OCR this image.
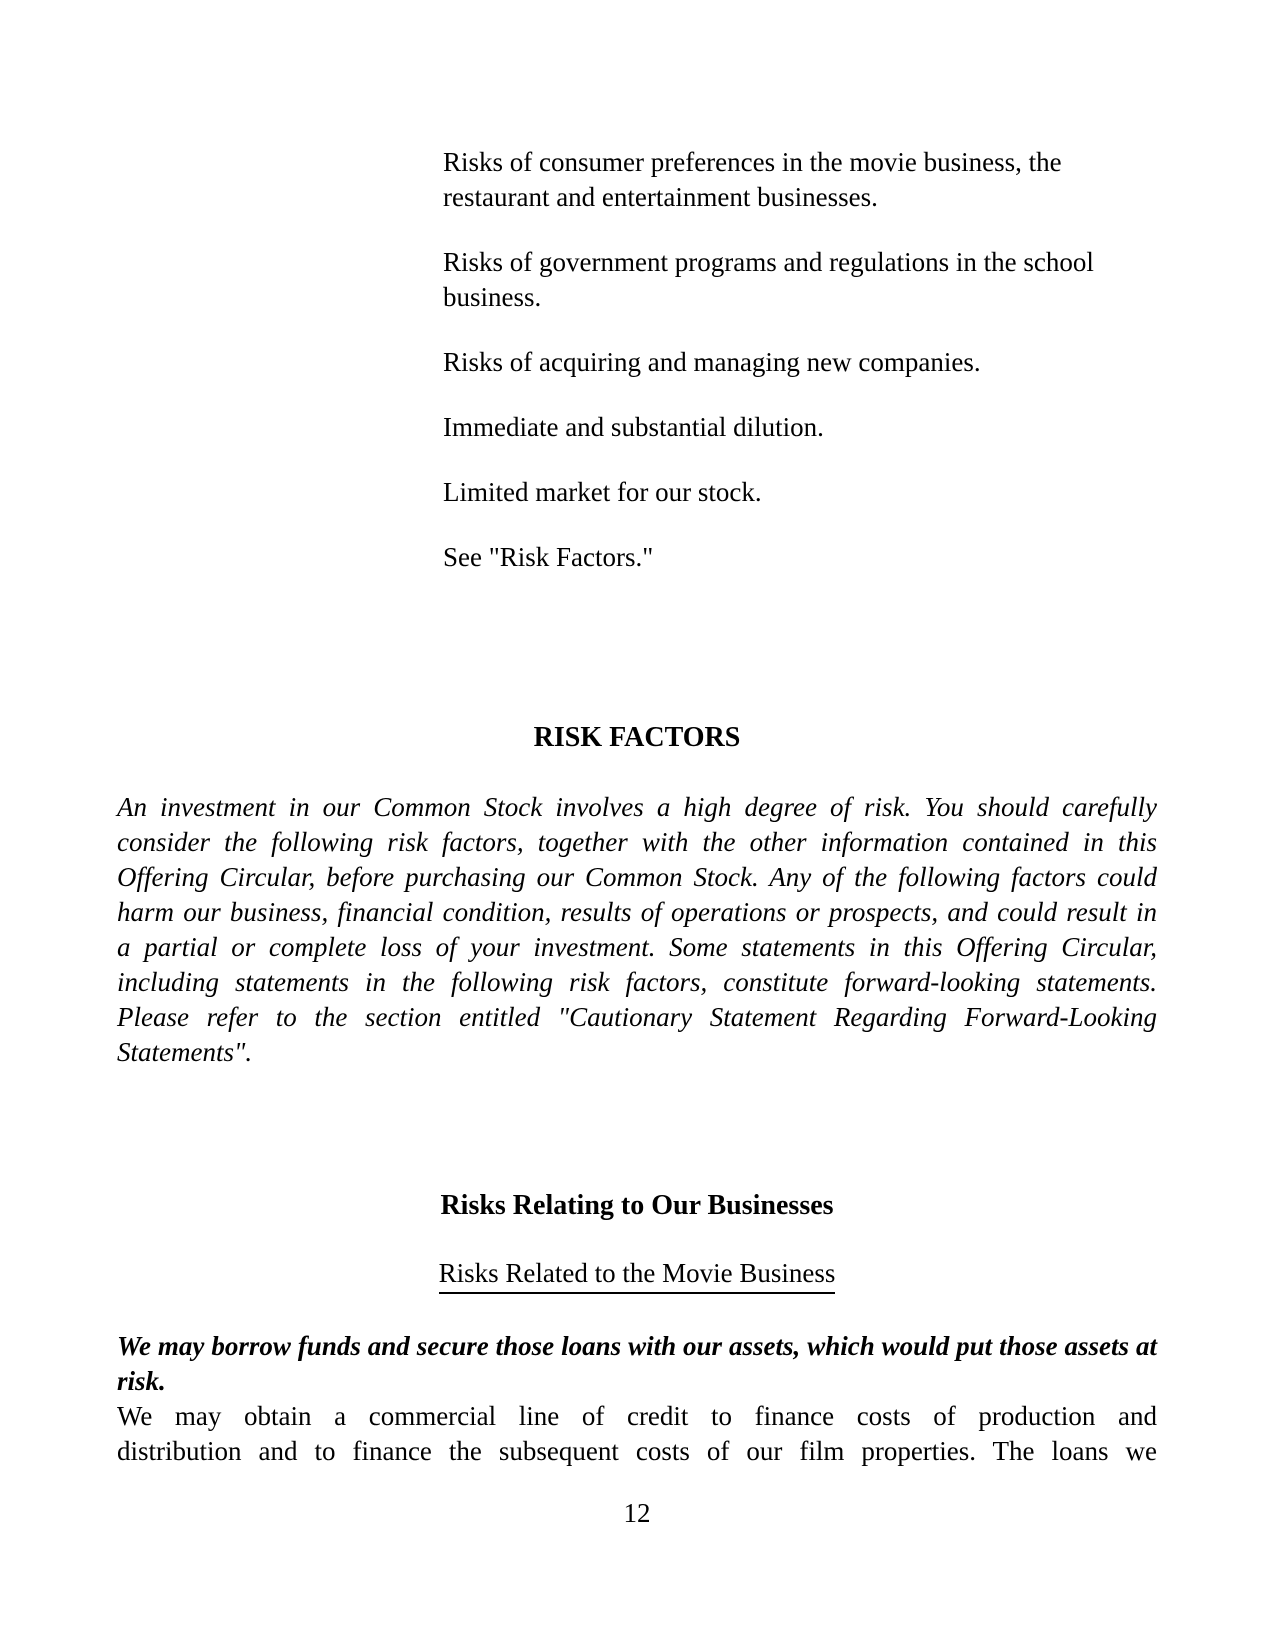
Risks of consumer preferences in the movie business, the restaurant and entertainment businesses.

Risks of government programs and regulations in the school business.

Risks of acquiring and managing new companies.

Immediate and substantial dilution.

Limited market for our stock.

See "Risk Factors."

RISK FACTORS

An investment in our Common Stock involves a high degree of risk. You should carefully consider the following risk factors, together with the other information contained in this Offering Circular, before purchasing our Common Stock. Any of the following factors could harm our business, financial condition, results of operations or prospects, and could result in a partial or complete loss of your investment. Some statements in this Offering Circular, including statements in the following risk factors, constitute forward-looking statements. Please refer to the section entitled "Cautionary Statement Regarding Forward-Looking Statements".

Risks Relating to Our Businesses

Risks Related to the Movie Business

We may borrow funds and secure those loans with our assets, which would put those assets at risk.

We may obtain a commercial line of credit to finance costs of production and distribution and to finance the subsequent costs of our film properties. The loans we

12
